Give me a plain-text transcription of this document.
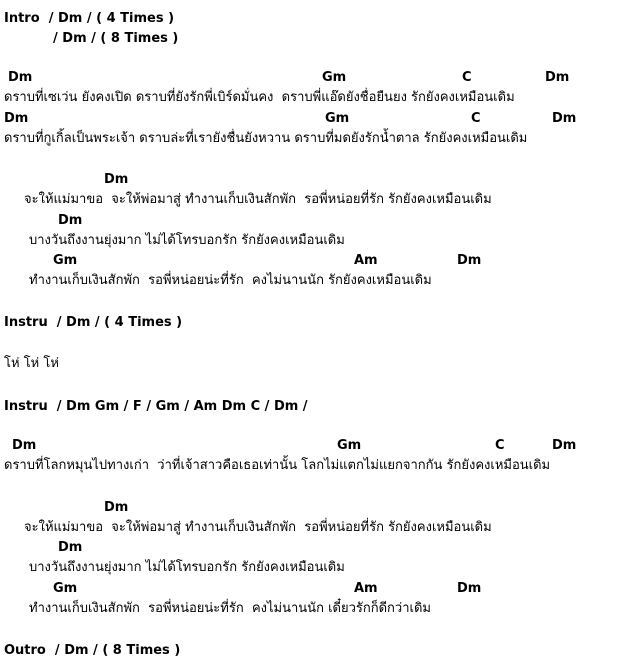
Intro  / Dm / ( 4 Times )
/ Dm / ( 8 Times )
Dm	Gm	C	Dm
ดราบที่เซเว่น ยังคงเปิด ดราบที่ยังรักพี่เบิร์ดมั่นคง  ดราบพี่แอ๊ดยังชื่อยืนยง รักยังคงเหมือนเดิม
Dm	Gm	C	Dm
ดราบที่กูเกิ้ลเป็นพระเจ้า ดราบล่ะที่เรายังชื่นยังหวาน ดราบที่มดยังรักน้ำตาล รักยังคงเหมือนเดิม
Dm
จะให้แม่มาขอ  จะให้พ่อมาสู่ ทำงานเก็บเงินสักพัก  รอพี่หน่อยที่รัก รักยังคงเหมือนเดิม
Dm
บางวันถึงงานยุ่งมาก ไม่ได้โทรบอกรัก รักยังคงเหมือนเดิม
Gm	Am	Dm
ทำงานเก็บเงินสักพัก  รอพี่หน่อยน่ะที่รัก  คงไม่นานนัก รักยังคงเหมือนเดิม
Instru  / Dm / ( 4 Times )
โห่ โห่ โห่
Instru  / Dm Gm / F / Gm / Am Dm C / Dm /
Dm	Gm	C	Dm
ดราบที่โลกหมุนไปทางเก่า  ว่าที่เจ้าสาวคือเธอเท่านั้น โลกไม่แตกไม่แยกจากกัน รักยังคงเหมือนเดิม
Dm
จะให้แม่มาขอ  จะให้พ่อมาสู่ ทำงานเก็บเงินสักพัก  รอพี่หน่อยที่รัก รักยังคงเหมือนเดิม
Dm
บางวันถึงงานยุ่งมาก ไม่ได้โทรบอกรัก รักยังคงเหมือนเดิม
Gm	Am	Dm
ทำงานเก็บเงินสักพัก  รอพี่หน่อยน่ะที่รัก  คงไม่นานนัก เดี๋ยวรักก็ดีกว่าเดิม
Outro  / Dm / ( 8 Times )
